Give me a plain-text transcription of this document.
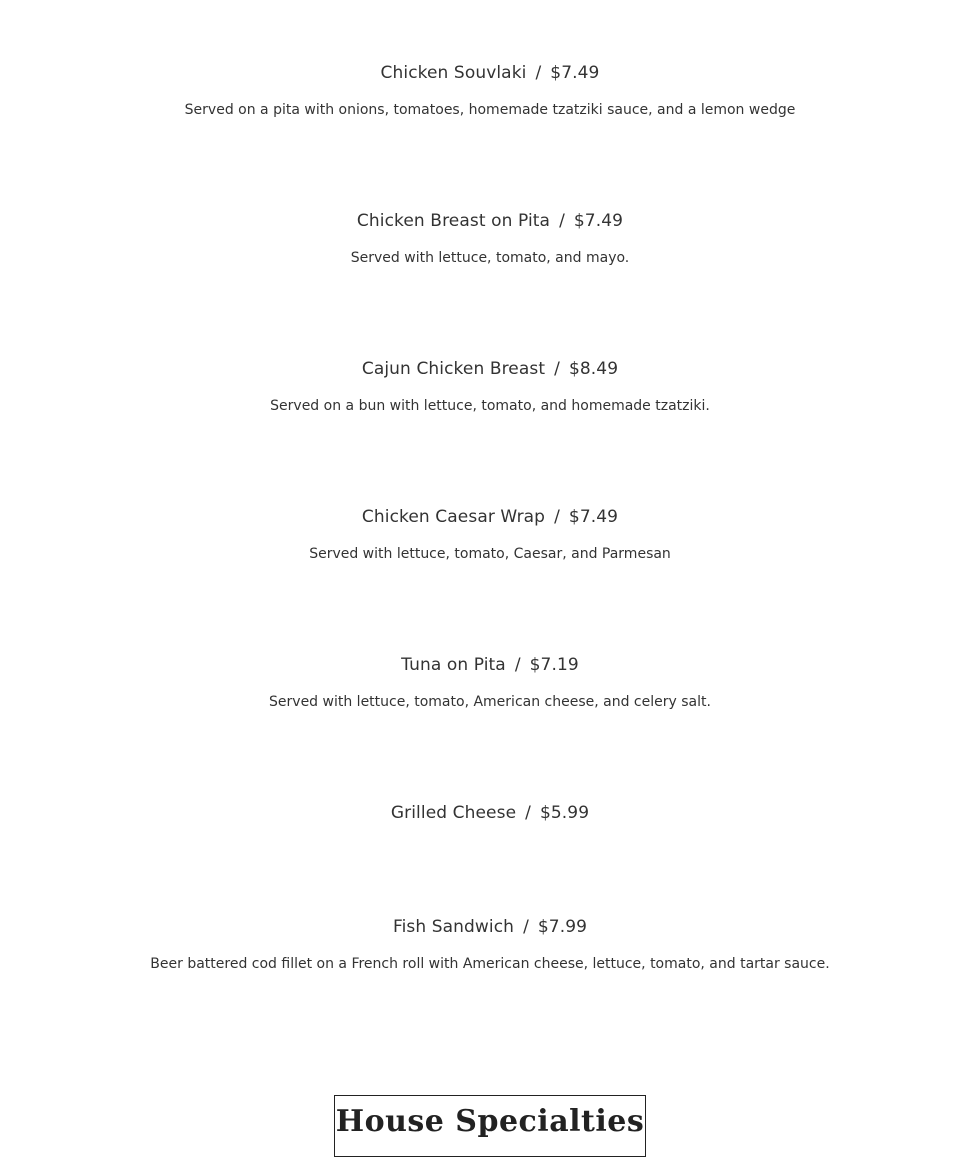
Chicken Souvlaki / $7.49
Served on a pita with onions, tomatoes, homemade tzatziki sauce, and a lemon wedge
Chicken Breast on Pita / $7.49
Served with lettuce, tomato, and mayo.
Cajun Chicken Breast / $8.49
Served on a bun with lettuce, tomato, and homemade tzatziki.
Chicken Caesar Wrap / $7.49
Served with lettuce, tomato, Caesar, and Parmesan
Tuna on Pita / $7.19
Served with lettuce, tomato, American cheese, and celery salt.
Grilled Cheese / $5.99
Fish Sandwich / $7.99
Beer battered cod fillet on a French roll with American cheese, lettuce, tomato, and tartar sauce.
House Specialties
